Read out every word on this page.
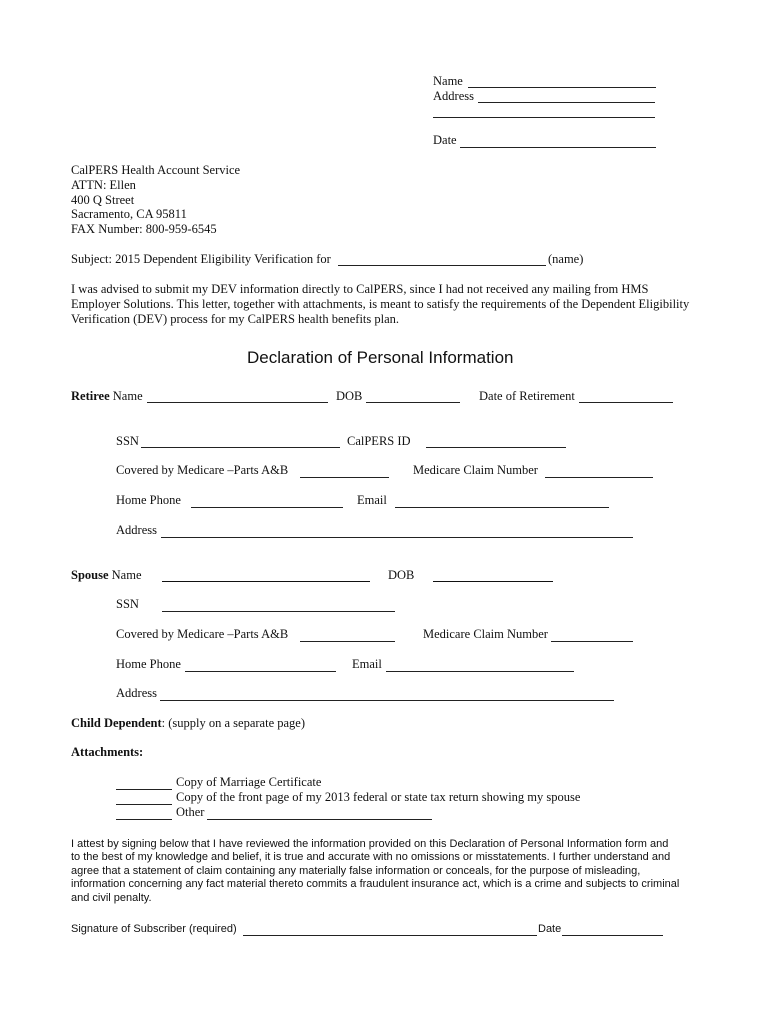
Name
Address
Date
CalPERS Health Account Service
ATTN: Ellen
400 Q Street
Sacramento, CA 95811
FAX Number: 800-959-6545
Subject: 2015 Dependent Eligibility Verification for	(name)
I was advised to submit my DEV information directly to CalPERS, since I had not received any mailing from HMS
Employer Solutions. This letter, together with attachments, is meant to satisfy the requirements of the Dependent Eligibility
Verification (DEV) process for my CalPERS health benefits plan.
Declaration of Personal Information
Retiree Name	DOB	Date of Retirement
SSN	CalPERS ID
Covered by Medicare –Parts A&B	Medicare Claim Number
Home Phone	Email
Address
Spouse Name	DOB
SSN
Covered by Medicare –Parts A&B	Medicare Claim Number
Home Phone	Email
Address
Child Dependent: (supply on a separate page)
Attachments:
Copy of Marriage Certificate
Copy of the front page of my 2013 federal or state tax return showing my spouse
Other
I attest by signing below that I have reviewed the information provided on this Declaration of Personal Information form and
to the best of my knowledge and belief, it is true and accurate with no omissions or misstatements. I further understand and
agree that a statement of claim containing any materially false information or conceals, for the purpose of misleading,
information concerning any fact material thereto commits a fraudulent insurance act, which is a crime and subjects to criminal
and civil penalty.
Signature of Subscriber (required)	Date
